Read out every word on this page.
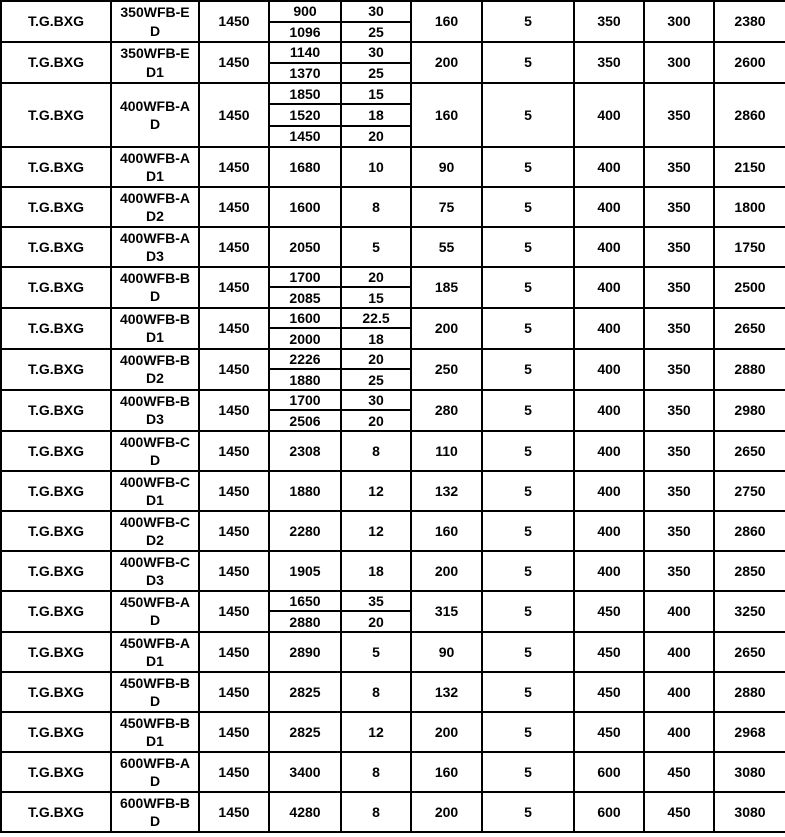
T.G.BXG	350WFB-ED	1450	900	30	160	5	350	300	2380
			1096	25					
T.G.BXG	350WFB-ED1	1450	1140	30	200	5	350	300	2600
			1370	25					
T.G.BXG	400WFB-AD	1450	1850	15	160	5	400	350	2860
			1520	18					
			1450	20					
T.G.BXG	400WFB-AD1	1450	1680	10	90	5	400	350	2150
T.G.BXG	400WFB-AD2	1450	1600	8	75	5	400	350	1800
T.G.BXG	400WFB-AD3	1450	2050	5	55	5	400	350	1750
T.G.BXG	400WFB-BD	1450	1700	20	185	5	400	350	2500
			2085	15					
T.G.BXG	400WFB-BD1	1450	1600	22.5	200	5	400	350	2650
			2000	18					
T.G.BXG	400WFB-BD2	1450	2226	20	250	5	400	350	2880
			1880	25					
T.G.BXG	400WFB-BD3	1450	1700	30	280	5	400	350	2980
			2506	20					
T.G.BXG	400WFB-CD	1450	2308	8	110	5	400	350	2650
T.G.BXG	400WFB-CD1	1450	1880	12	132	5	400	350	2750
T.G.BXG	400WFB-CD2	1450	2280	12	160	5	400	350	2860
T.G.BXG	400WFB-CD3	1450	1905	18	200	5	400	350	2850
T.G.BXG	450WFB-AD	1450	1650	35	315	5	450	400	3250
			2880	20					
T.G.BXG	450WFB-AD1	1450	2890	5	90	5	450	400	2650
T.G.BXG	450WFB-BD	1450	2825	8	132	5	450	400	2880
T.G.BXG	450WFB-BD1	1450	2825	12	200	5	450	400	2968
T.G.BXG	600WFB-AD	1450	3400	8	160	5	600	450	3080
T.G.BXG	600WFB-BD	1450	4280	8	200	5	600	450	3080
